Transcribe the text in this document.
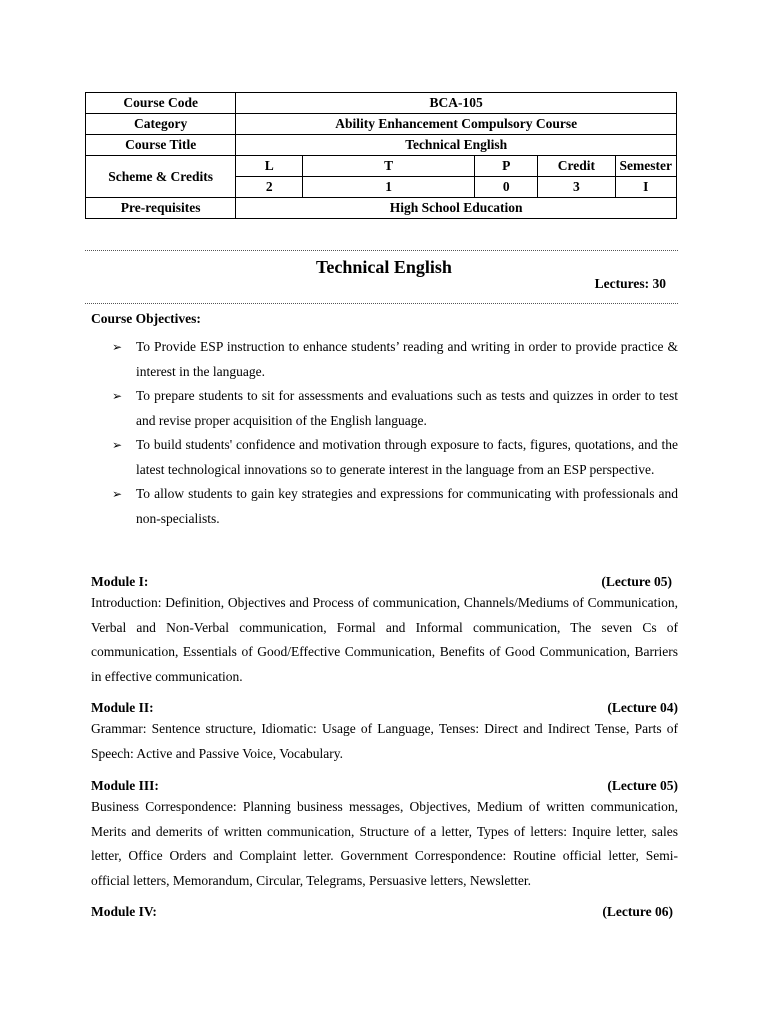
Course Code	BCA-105				
Category	Ability Enhancement Compulsory Course				
Course Title	Technical English				
Scheme & Credits	L	T	P	Credit	Semester
	2	1	0	3	I
Pre-requisites	High School Education				
Technical English
Lectures: 30
Course Objectives:
➢ To Provide ESP instruction to enhance students’ reading and writing in order to provide practice & interest in the language.
➢ To prepare students to sit for assessments and evaluations such as tests and quizzes in order to test and revise proper acquisition of the English language.
➢ To build students' confidence and motivation through exposure to facts, figures, quotations, and the latest technological innovations so to generate interest in the language from an ESP perspective.
➢ To allow students to gain key strategies and expressions for communicating with professionals and non-specialists.
Module I:	(Lecture 05)
Introduction: Definition, Objectives and Process of communication, Channels/Mediums of Communication, Verbal and Non-Verbal communication, Formal and Informal communication, The seven Cs of communication, Essentials of Good/Effective Communication, Benefits of Good Communication, Barriers in effective communication.
Module II:	(Lecture 04)
Grammar: Sentence structure, Idiomatic: Usage of Language, Tenses: Direct and Indirect Tense, Parts of Speech: Active and Passive Voice, Vocabulary.
Module III:	(Lecture 05)
Business Correspondence: Planning business messages, Objectives, Medium of written communication, Merits and demerits of written communication, Structure of a letter, Types of letters: Inquire letter, sales letter, Office Orders and Complaint letter. Government Correspondence: Routine official letter, Semi-official letters, Memorandum, Circular, Telegrams, Persuasive letters, Newsletter.
Module IV:	(Lecture 06)
